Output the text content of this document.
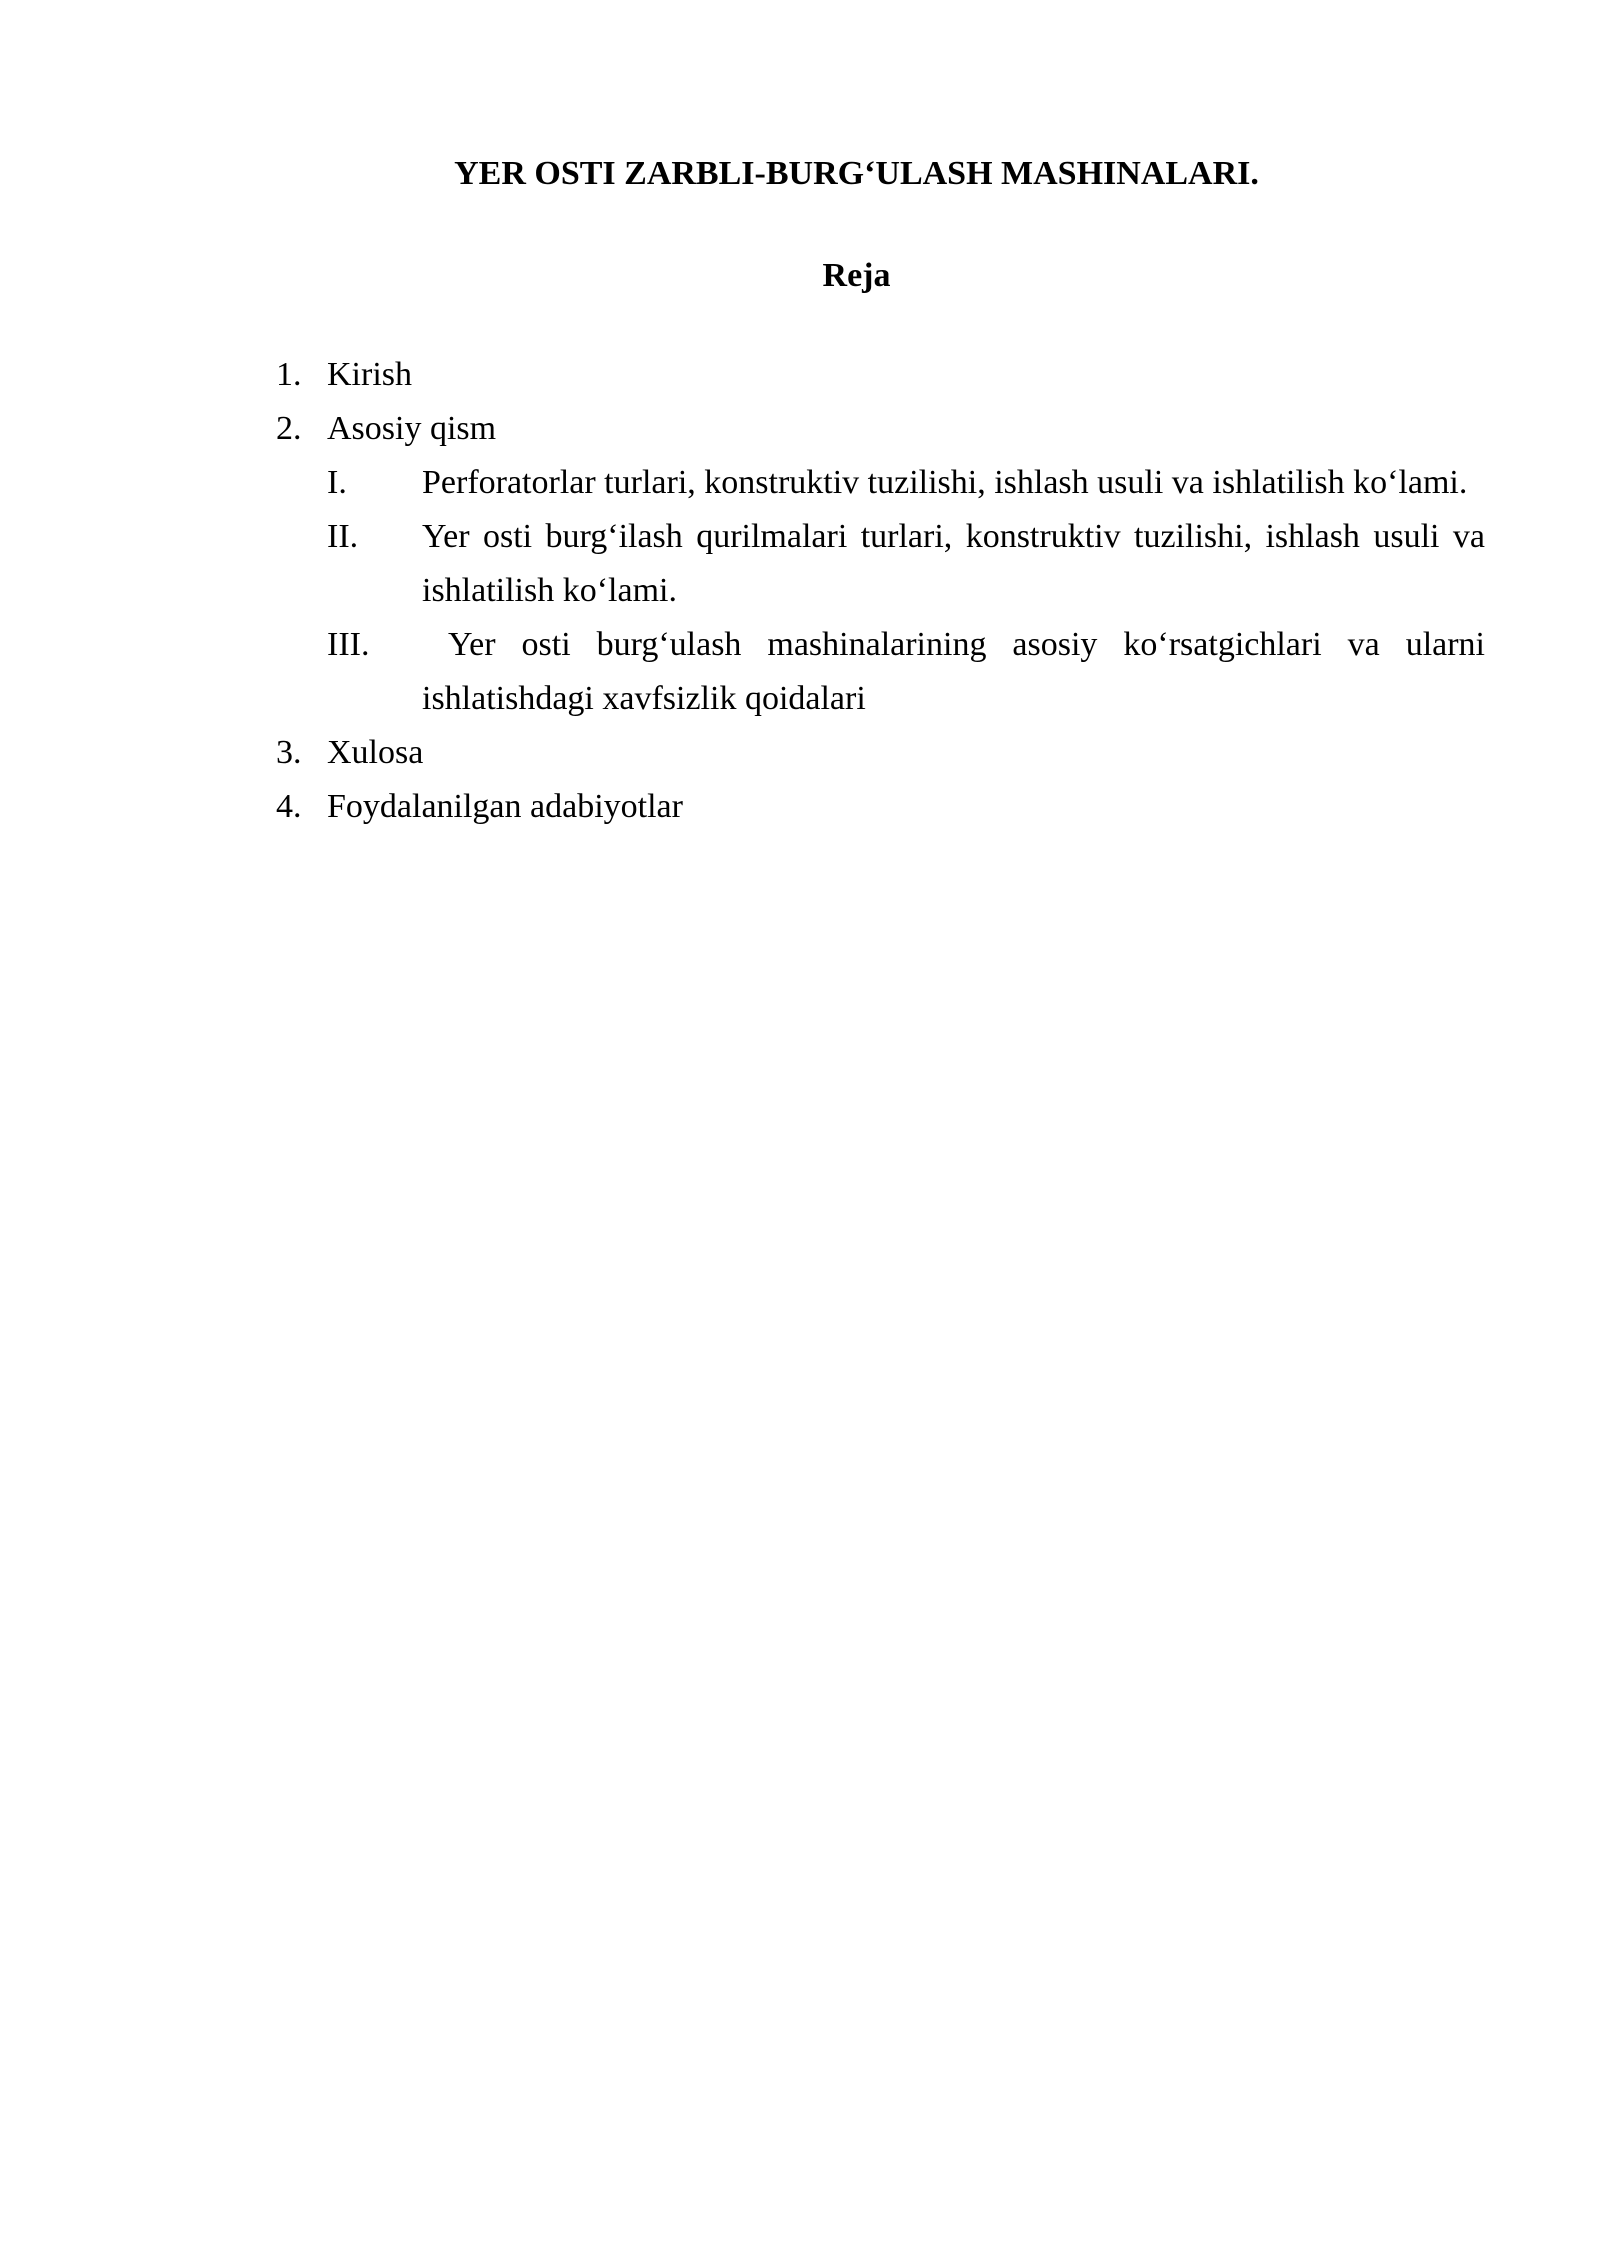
YER OSTI ZARBLI-BURG‘ULASH MASHINALARI.
Reja
1. Kirish
2. Asosiy qism
I. Perforatorlar turlari, konstruktiv tuzilishi, ishlash usuli va ishlatilish ko‘lami.
II. Yer osti burg‘ilash qurilmalari turlari, konstruktiv tuzilishi, ishlash usuli va ishlatilish ko‘lami.
III. Yer osti burg‘ulash mashinalarining asosiy ko‘rsatgichlari va ularni ishlatishdagi xavfsizlik qoidalari
3. Xulosa
4. Foydalanilgan adabiyotlar
